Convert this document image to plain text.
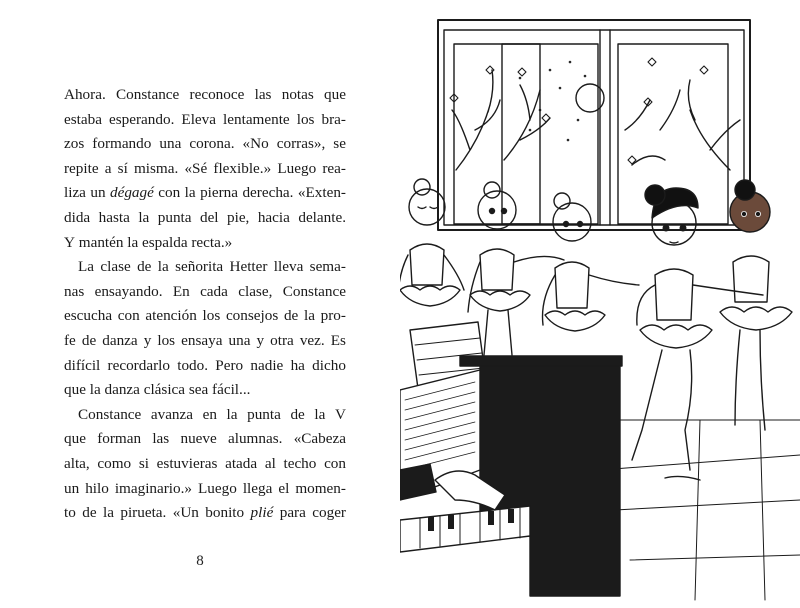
Ahora. Constance reconoce las notas que
estaba esperando. Eleva lentamente los bra-
zos formando una corona. «No corras», se
repite a sí misma. «Sé flexible.» Luego rea-
liza un dégagé con la pierna derecha. «Exten-
dida hasta la punta del pie, hacia delante.
Y
mantén
la
espalda
recta.»
La clase de la señorita Hetter lleva sema-
nas ensayando. En cada clase, Constance
escucha con atención los consejos de la pro-
fe de danza y los ensaya una y otra vez. Es
difícil recordarlo todo. Pero nadie ha dicho
que
la
danza
clásica
sea
fácil...
Constance avanza en la punta de la V
que forman las nueve alumnas. «Cabeza
alta, como si estuvieras atada al techo con
un hilo imaginario.» Luego llega el momen-
to de la pirueta. «Un bonito plié para coger
8
